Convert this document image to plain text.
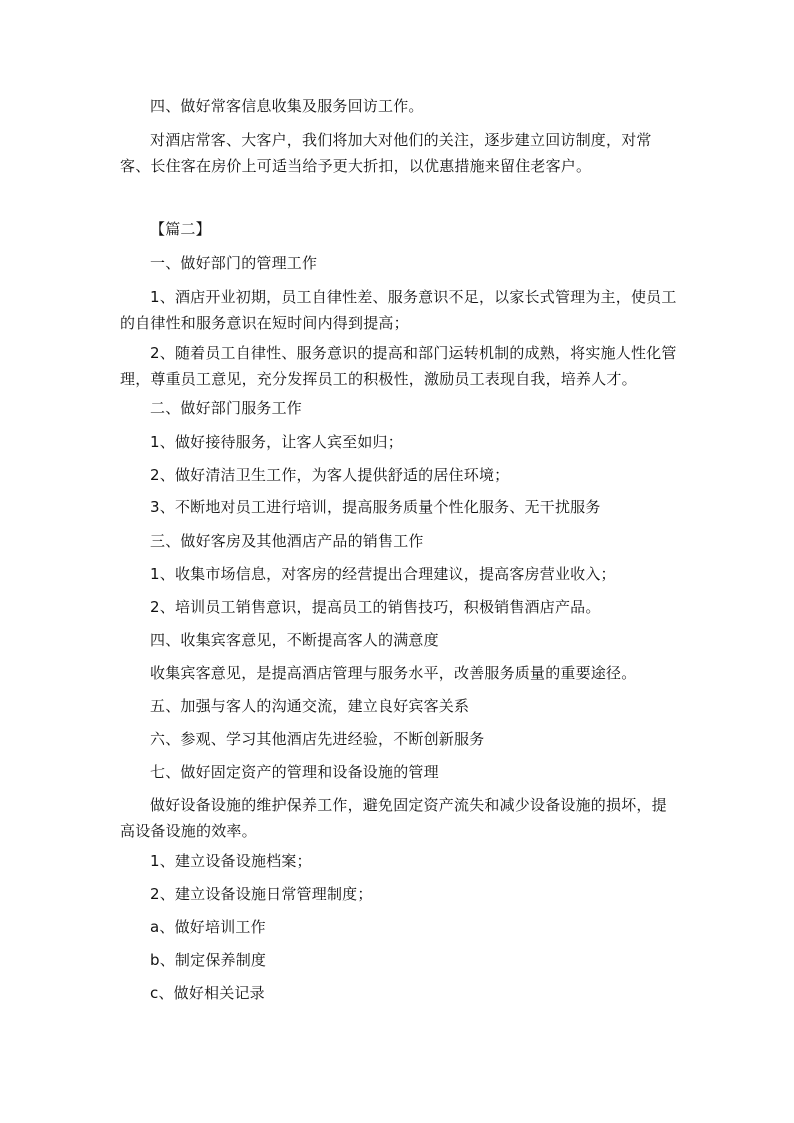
四、做好常客信息收集及服务回访工作。
对酒店常客、大客户，我们将加大对他们的关注，逐步建立回访制度，对常客、长住客在房价上可适当给予更大折扣，以优惠措施来留住老客户。
【篇二】
一、做好部门的管理工作
1、酒店开业初期，员工自律性差、服务意识不足，以家长式管理为主，使员工的自律性和服务意识在短时间内得到提高；
2、随着员工自律性、服务意识的提高和部门运转机制的成熟，将实施人性化管理，尊重员工意见，充分发挥员工的积极性，激励员工表现自我，培养人才。
二、做好部门服务工作
1、做好接待服务，让客人宾至如归；
2、做好清洁卫生工作，为客人提供舒适的居住环境；
3、不断地对员工进行培训，提高服务质量个性化服务、无干扰服务
三、做好客房及其他酒店产品的销售工作
1、收集市场信息，对客房的经营提出合理建议，提高客房营业收入；
2、培训员工销售意识，提高员工的销售技巧，积极销售酒店产品。
四、收集宾客意见，不断提高客人的满意度
收集宾客意见，是提高酒店管理与服务水平，改善服务质量的重要途径。
五、加强与客人的沟通交流，建立良好宾客关系
六、参观、学习其他酒店先进经验，不断创新服务
七、做好固定资产的管理和设备设施的管理
做好设备设施的维护保养工作，避免固定资产流失和减少设备设施的损坏，提高设备设施的效率。
1、建立设备设施档案；
2、建立设备设施日常管理制度；
a、做好培训工作
b、制定保养制度
c、做好相关记录
